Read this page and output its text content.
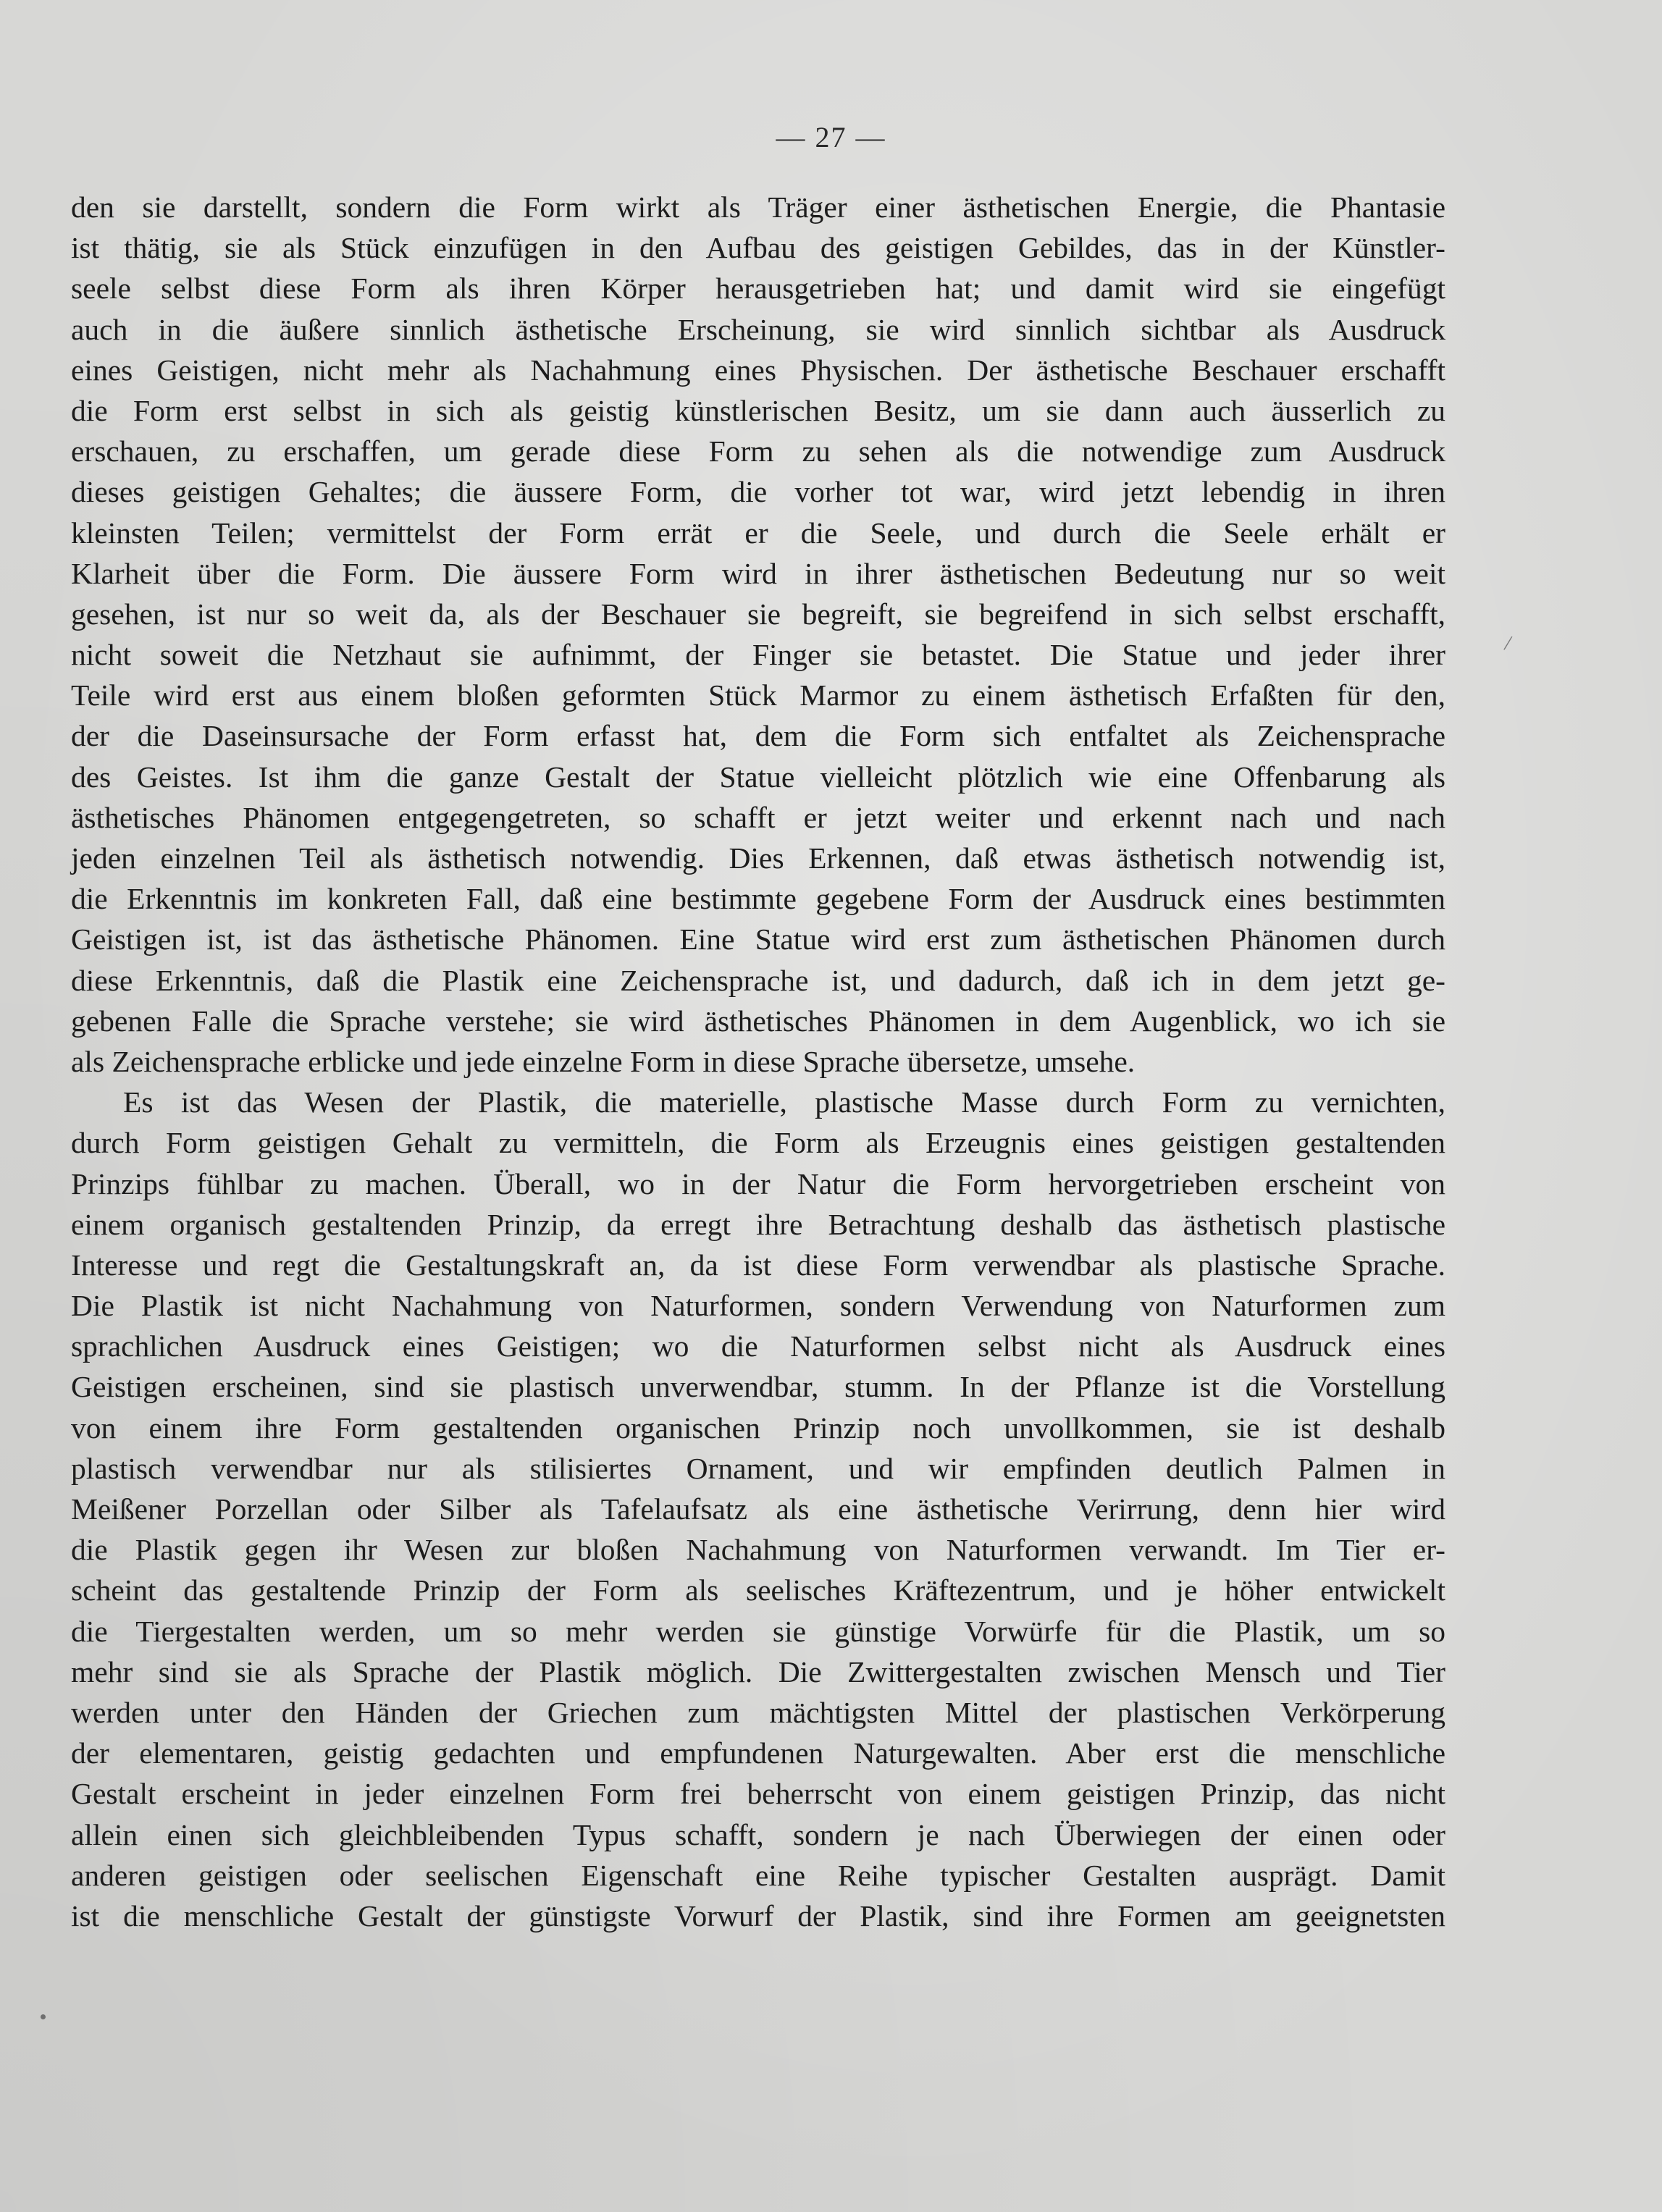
— 27 —
den sie darstellt, sondern die Form wirkt als Träger einer ästhetischen Energie, die Phantasie
ist thätig, sie als Stück einzufügen in den Aufbau des geistigen Gebildes, das in der Künstler-
seele selbst diese Form als ihren Körper herausgetrieben hat; und damit wird sie eingefügt
auch in die äußere sinnlich ästhetische Erscheinung, sie wird sinnlich sichtbar als Ausdruck
eines Geistigen, nicht mehr als Nachahmung eines Physischen. Der ästhetische Beschauer erschafft
die Form erst selbst in sich als geistig künstlerischen Besitz, um sie dann auch äusserlich zu
erschauen, zu erschaffen, um gerade diese Form zu sehen als die notwendige zum Ausdruck
dieses geistigen Gehaltes; die äussere Form, die vorher tot war, wird jetzt lebendig in ihren
kleinsten Teilen; vermittelst der Form errät er die Seele, und durch die Seele erhält er
Klarheit über die Form. Die äussere Form wird in ihrer ästhetischen Bedeutung nur so weit
gesehen, ist nur so weit da, als der Beschauer sie begreift, sie begreifend in sich selbst erschafft,
nicht soweit die Netzhaut sie aufnimmt, der Finger sie betastet. Die Statue und jeder ihrer
Teile wird erst aus einem bloßen geformten Stück Marmor zu einem ästhetisch Erfaßten für den,
der die Daseinsursache der Form erfasst hat, dem die Form sich entfaltet als Zeichensprache
des Geistes. Ist ihm die ganze Gestalt der Statue vielleicht plötzlich wie eine Offenbarung als
ästhetisches Phänomen entgegengetreten, so schafft er jetzt weiter und erkennt nach und nach
jeden einzelnen Teil als ästhetisch notwendig. Dies Erkennen, daß etwas ästhetisch notwendig ist,
die Erkenntnis im konkreten Fall, daß eine bestimmte gegebene Form der Ausdruck eines bestimmten
Geistigen ist, ist das ästhetische Phänomen. Eine Statue wird erst zum ästhetischen Phänomen durch
diese Erkenntnis, daß die Plastik eine Zeichensprache ist, und dadurch, daß ich in dem jetzt ge-
gebenen Falle die Sprache verstehe; sie wird ästhetisches Phänomen in dem Augenblick, wo ich sie
als Zeichensprache erblicke und jede einzelne Form in diese Sprache übersetze, umsehe.
Es ist das Wesen der Plastik, die materielle, plastische Masse durch Form zu vernichten,
durch Form geistigen Gehalt zu vermitteln, die Form als Erzeugnis eines geistigen gestaltenden
Prinzips fühlbar zu machen. Überall, wo in der Natur die Form hervorgetrieben erscheint von
einem organisch gestaltenden Prinzip, da erregt ihre Betrachtung deshalb das ästhetisch plastische
Interesse und regt die Gestaltungskraft an, da ist diese Form verwendbar als plastische Sprache.
Die Plastik ist nicht Nachahmung von Naturformen, sondern Verwendung von Naturformen zum
sprachlichen Ausdruck eines Geistigen; wo die Naturformen selbst nicht als Ausdruck eines
Geistigen erscheinen, sind sie plastisch unverwendbar, stumm. In der Pflanze ist die Vorstellung
von einem ihre Form gestaltenden organischen Prinzip noch unvollkommen, sie ist deshalb
plastisch verwendbar nur als stilisiertes Ornament, und wir empfinden deutlich Palmen in
Meißener Porzellan oder Silber als Tafelaufsatz als eine ästhetische Verirrung, denn hier wird
die Plastik gegen ihr Wesen zur bloßen Nachahmung von Naturformen verwandt. Im Tier er-
scheint das gestaltende Prinzip der Form als seelisches Kräftezentrum, und je höher entwickelt
die Tiergestalten werden, um so mehr werden sie günstige Vorwürfe für die Plastik, um so
mehr sind sie als Sprache der Plastik möglich. Die Zwittergestalten zwischen Mensch und Tier
werden unter den Händen der Griechen zum mächtigsten Mittel der plastischen Verkörperung
der elementaren, geistig gedachten und empfundenen Naturgewalten. Aber erst die menschliche
Gestalt erscheint in jeder einzelnen Form frei beherrscht von einem geistigen Prinzip, das nicht
allein einen sich gleichbleibenden Typus schafft, sondern je nach Überwiegen der einen oder
anderen geistigen oder seelischen Eigenschaft eine Reihe typischer Gestalten ausprägt. Damit
ist die menschliche Gestalt der günstigste Vorwurf der Plastik, sind ihre Formen am geeignetsten
/
